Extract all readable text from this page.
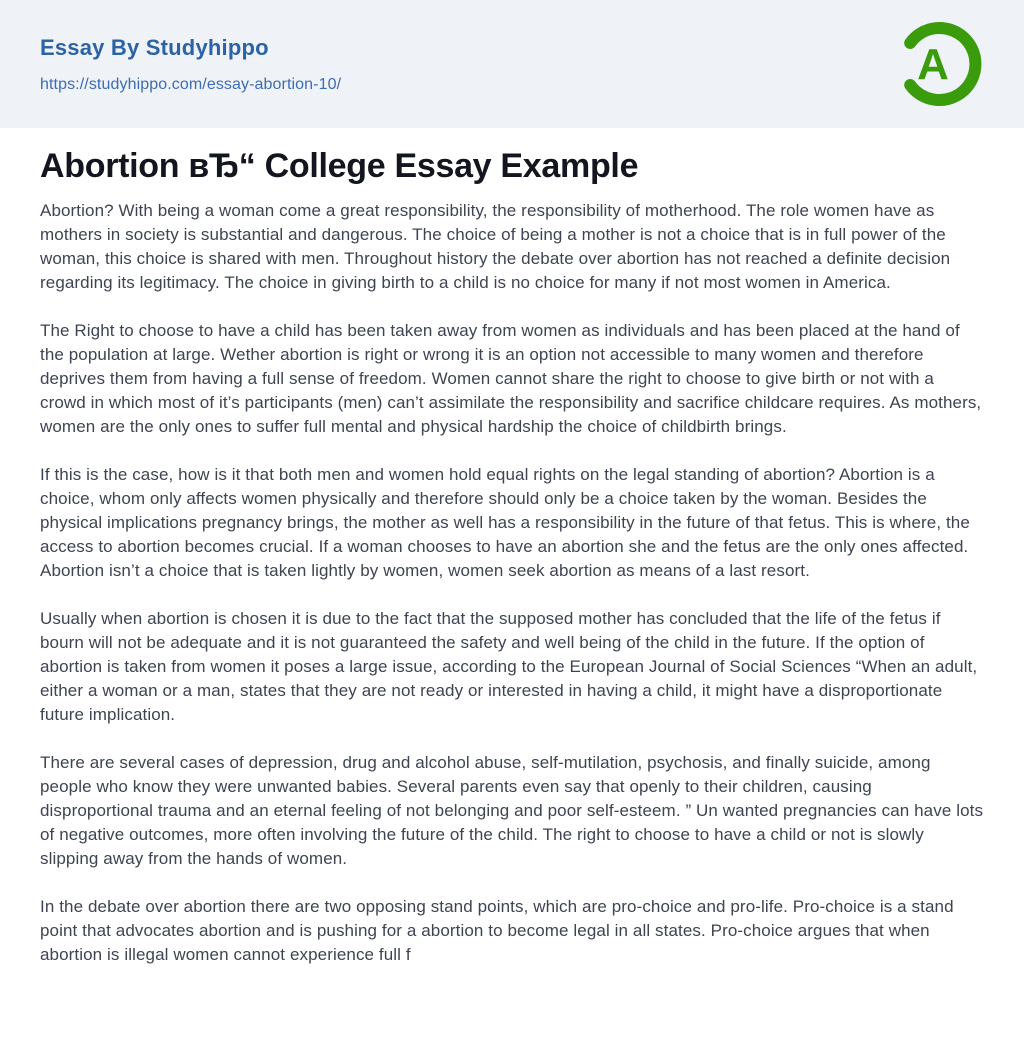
Essay By Studyhippo
https://studyhippo.com/essay-abortion-10/	A
Abortion вЂ“ College Essay Example

Abortion? With being a woman come a great responsibility, the responsibility of motherhood. The role women have as mothers in society is substantial and dangerous. The choice of being a mother is not a choice that is in full power of the woman, this choice is shared with men. Throughout history the debate over abortion has not reached a definite decision regarding its legitimacy. The choice in giving birth to a child is no choice for many if not most women in America.

The Right to choose to have a child has been taken away from women as individuals and has been placed at the hand of the population at large. Wether abortion is right or wrong it is an option not accessible to many women and therefore deprives them from having a full sense of freedom. Women cannot share the right to choose to give birth or not with a crowd in which most of it’s participants (men) can’t assimilate the responsibility and sacrifice childcare requires. As mothers, women are the only ones to suffer full mental and physical hardship the choice of childbirth brings.

If this is the case, how is it that both men and women hold equal rights on the legal standing of abortion? Abortion is a choice, whom only affects women physically and therefore should only be a choice taken by the woman. Besides the physical implications pregnancy brings, the mother as well has a responsibility in the future of that fetus. This is where, the access to abortion becomes crucial. If a woman chooses to have an abortion she and the fetus are the only ones affected. Abortion isn’t a choice that is taken lightly by women, women seek abortion as means of a last resort.

Usually when abortion is chosen it is due to the fact that the supposed mother has concluded that the life of the fetus if bourn will not be adequate and it is not guaranteed the safety and well being of the child in the future. If the option of abortion is taken from women it poses a large issue, according to the European Journal of Social Sciences “When an adult, either a woman or a man, states that they are not ready or interested in having a child, it might have a disproportionate future implication.

There are several cases of depression, drug and alcohol abuse, self-mutilation, psychosis, and finally suicide, among people who know they were unwanted babies. Several parents even say that openly to their children, causing disproportional trauma and an eternal feeling of not belonging and poor self-esteem. ” Un wanted pregnancies can have lots of negative outcomes, more often involving the future of the child. The right to choose to have a child or not is slowly slipping away from the hands of women.

In the debate over abortion there are two opposing stand points, which are pro-choice and pro-life. Pro-choice is a stand point that advocates abortion and is pushing for a abortion to become legal in all states. Pro-choice argues that when abortion is illegal women cannot experience full f
